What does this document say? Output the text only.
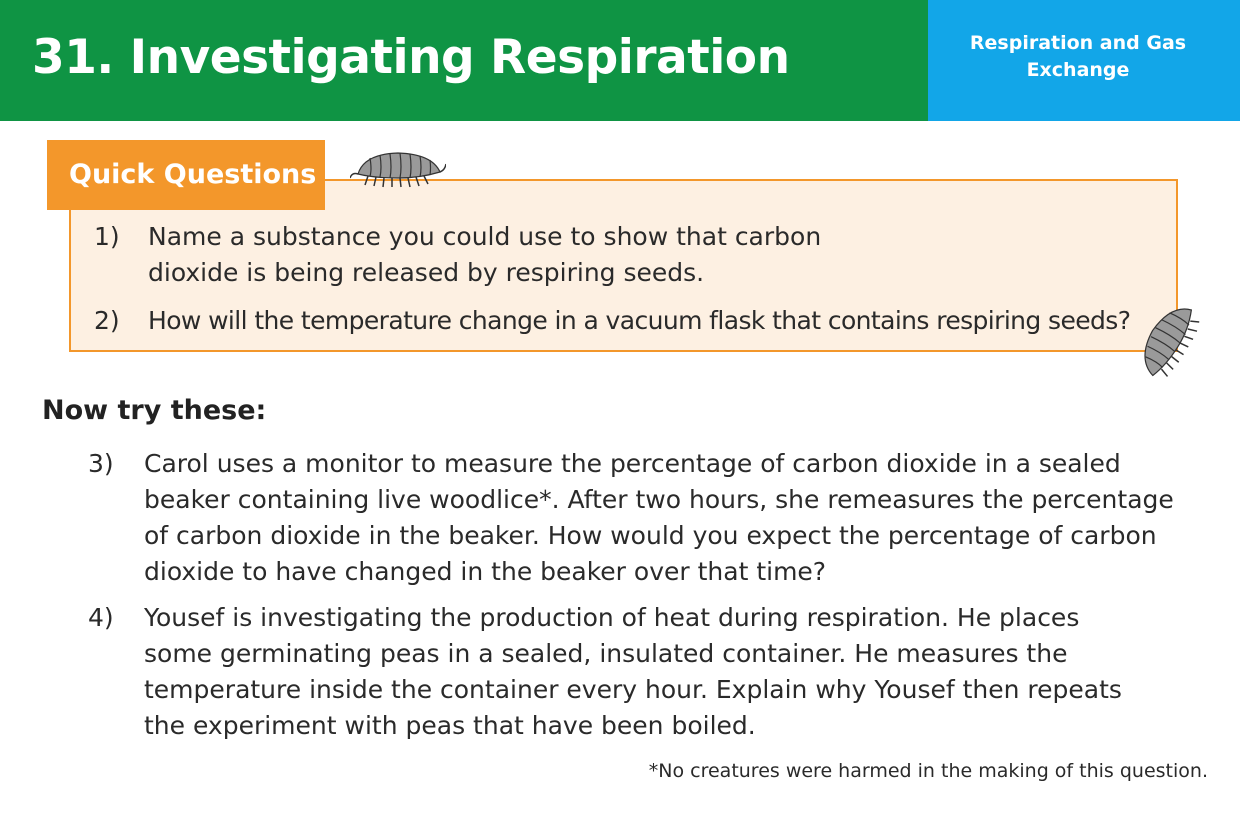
31. Investigating Respiration	Respiration and Gas Exchange
Quick Questions
1) Name a substance you could use to show that carbon dioxide is being released by respiring seeds.
2) How will the temperature change in a vacuum flask that contains respiring seeds?
Now try these:
3) Carol uses a monitor to measure the percentage of carbon dioxide in a sealed beaker containing live woodlice*. After two hours, she remeasures the percentage of carbon dioxide in the beaker. How would you expect the percentage of carbon dioxide to have changed in the beaker over that time?
4) Yousef is investigating the production of heat during respiration. He places some germinating peas in a sealed, insulated container. He measures the temperature inside the container every hour. Explain why Yousef then repeats the experiment with peas that have been boiled.
*No creatures were harmed in the making of this question.
